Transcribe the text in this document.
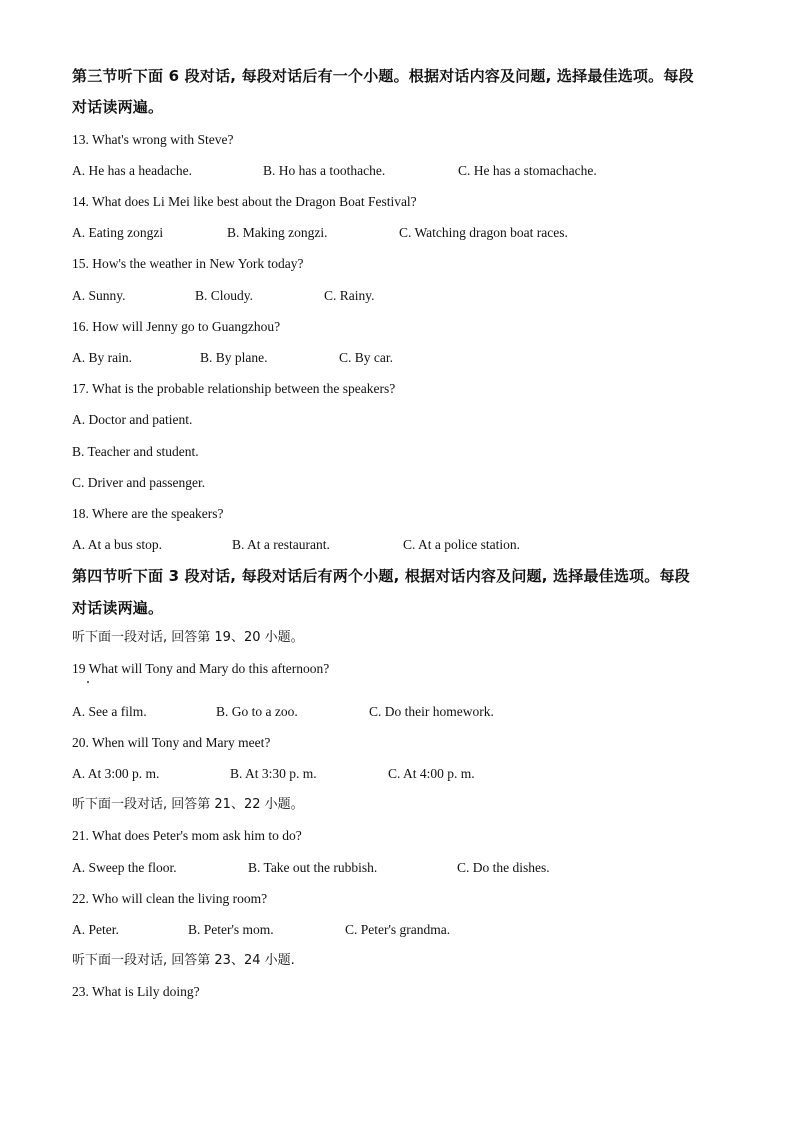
第三节听下面 6 段对话, 每段对话后有一个小题。根据对话内容及问题, 选择最佳选项。每段
对话读两遍。
13. What's wrong with Steve?
A. He has a headache.	B. Ho has a toothache.	C. He has a stomachache.
14. What does Li Mei like best about the Dragon Boat Festival?
A. Eating zongzi	B. Making zongzi.	C. Watching dragon boat races.
15. How's the weather in New York today?
A. Sunny.	B. Cloudy.	C. Rainy.
16. How will Jenny go to Guangzhou?
A. By rain.	B. By plane.	C. By car.
17. What is the probable relationship between the speakers?
A. Doctor and patient.
B. Teacher and student.
C. Driver and passenger.
18. Where are the speakers?
A. At a bus stop.	B. At a restaurant.	C. At a police station.
第四节听下面 3 段对话, 每段对话后有两个小题, 根据对话内容及问题, 选择最佳选项。每段
对话读两遍。
听下面一段对话, 回答第 19、20 小题。
19 What will Tony and Mary do this afternoon?
A. See a film.	B. Go to a zoo.	C. Do their homework.
20. When will Tony and Mary meet?
A. At 3:00 p. m.	B. At 3:30 p. m.	C. At 4:00 p. m.
听下面一段对话, 回答第 21、22 小题。
21. What does Peter's mom ask him to do?
A. Sweep the floor.	B. Take out the rubbish.	C. Do the dishes.
22. Who will clean the living room?
A. Peter.	B. Peter's mom.	C. Peter's grandma.
听下面一段对话, 回答第 23、24 小题.
23. What is Lily doing?
